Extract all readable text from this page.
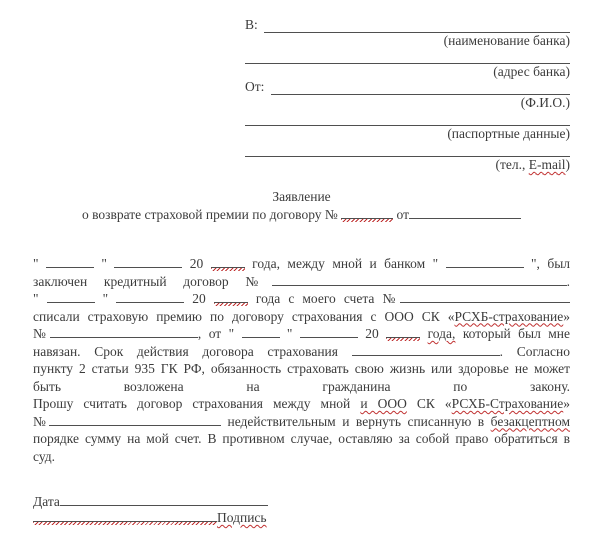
В:
(наименование банка)
(адрес банка)
От:
(Ф.И.О.)
(паспортные данные)
(тел., E-mail)
Заявление
о возврате страховой премии по договору №	от
"	"	20	года, между мной и банком "	", был
заключен кредитный договор №	.
"	"	20	года с моего счета №
списали страховую премию по договору страхования с ООО СК «РСХБ-страхование»
№	, от "	"	20	года, который был мне
навязан. Срок действия договора страхования	. Согласно
пункту 2 статьи 935 ГК РФ, обязанность страховать свою жизнь или здоровье не может
быть возложена на гражданина по закону.
Прошу считать договор страхования между мной и ООО СК «РСХБ-Страхование»
№	недействительным и вернуть списанную в безакцептном
порядке сумму на мой счет. В противном случае, оставляю за собой право обратиться в
суд.
Дата
Подпись
